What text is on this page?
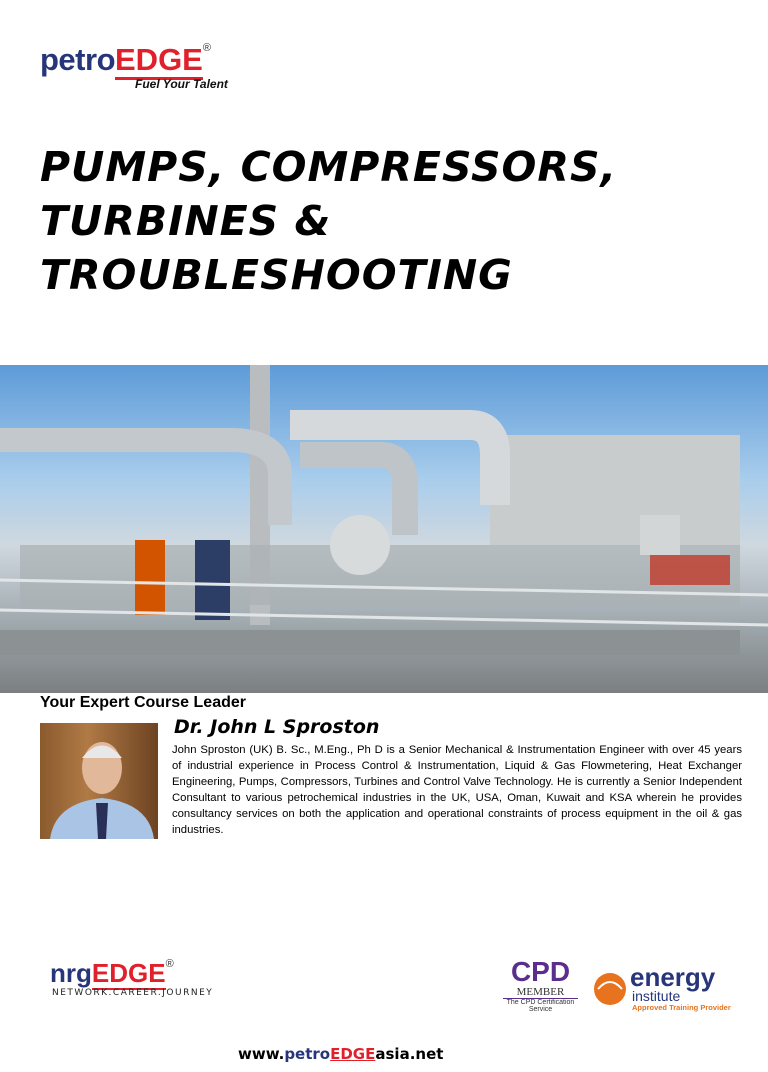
petroEDGE®
Fuel Your Talent
PUMPS, COMPRESSORS,
TURBINES &
TROUBLESHOOTING
Your Expert Course Leader
Dr. John L Sproston
John Sproston (UK) B. Sc., M.Eng., Ph D is a Senior Mechanical & Instrumentation Engineer with over 45 years of industrial experience in Process Control & Instrumentation, Liquid & Gas Flowmetering, Heat Exchanger Engineering, Pumps, Compressors, Turbines and Control Valve Technology. He is currently a Senior Independent Consultant to various petrochemical industries in the UK, USA, Oman, Kuwait and KSA wherein he provides consultancy services on both the application and operational constraints of process equipment in the oil & gas industries.
nrgEDGE®
NETWORK.CAREER.JOURNEY
CPD
MEMBER
The CPD Certification Service
energy
institute
Approved Training Provider
www.petroEDGEasia.net
